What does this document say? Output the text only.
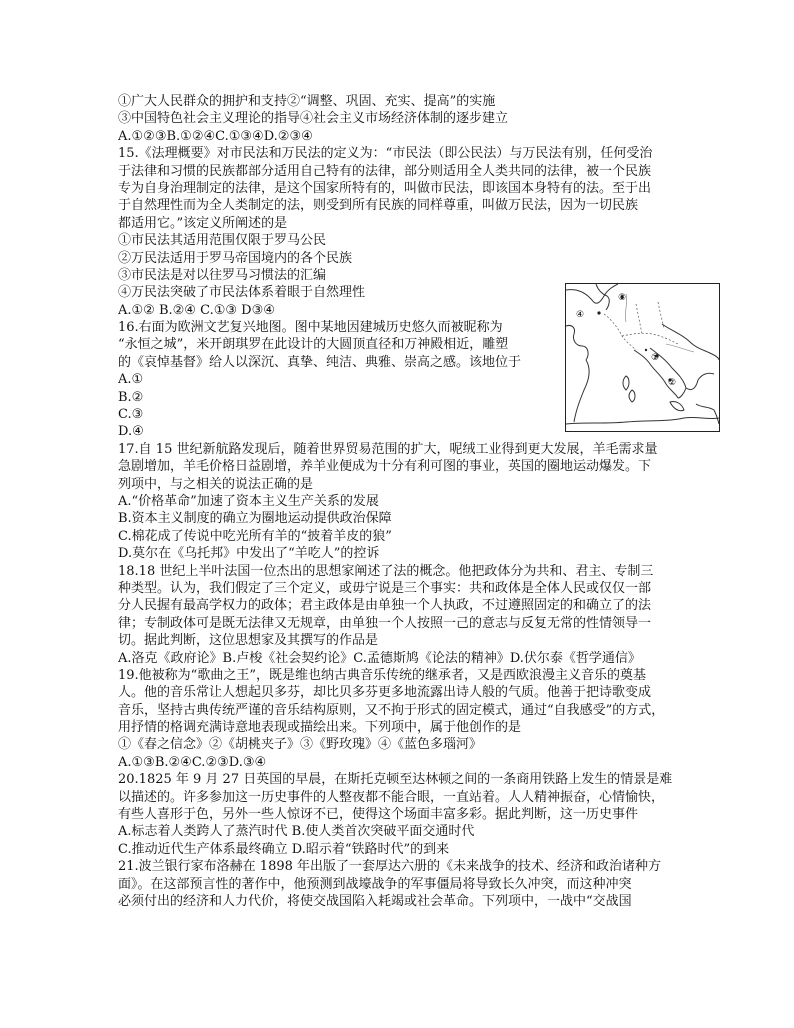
①广大人民群众的拥护和支持②“调整、巩固、充实、提高”的实施
③中国特色社会主义理论的指导④社会主义市场经济体制的逐步建立
A.①②③B.①②④C.①③④D.②③④
15.《法理概要》对市民法和万民法的定义为：“市民法（即公民法）与万民法有别，任何受治
于法律和习惯的民族都部分适用自己特有的法律，部分则适用全人类共同的法律，被一个民族
专为自身治理制定的法律，是这个国家所特有的，叫做市民法，即该国本身特有的法。至于出
于自然理性而为全人类制定的法，则受到所有民族的同样尊重，叫做万民法，因为一切民族
都适用它。”该定义所阐述的是
①市民法其适用范围仅限于罗马公民
②万民法适用于罗马帝国境内的各个民族
③市民法是对以往罗马习惯法的汇编
④万民法突破了市民法体系着眼于自然理性
A.①② B.②④ C.①③ D③④
16.右面为欧洲文艺复兴地图。图中某地因建城历史悠久而被昵称为
“永恒之城”，米开朗琪罗在此设计的大圆顶直径和万神殿相近，雕塑
的《哀悼基督》给人以深沉、真挚、纯洁、典雅、崇高之感。该地位于
A.①
B.②
C.③
D.④
17.自 15 世纪新航路发现后，随着世界贸易范围的扩大，呢绒工业得到更大发展，羊毛需求量
急剧增加，羊毛价格日益剧增，养羊业便成为十分有利可图的事业，英国的圈地运动爆发。下
列项中，与之相关的说法正确的是
A.“价格革命”加速了资本主义生产关系的发展
B.资本主义制度的确立为圈地运动提供政治保障
C.棉花成了传说中吃光所有羊的“披着羊皮的狼”
D.莫尔在《乌托邦》中发出了“羊吃人”的控诉
18.18 世纪上半叶法国一位杰出的思想家阐述了法的概念。他把政体分为共和、君主、专制三
种类型。认为，我们假定了三个定义，或毋宁说是三个事实：共和政体是全体人民或仅仅一部
分人民握有最高学权力的政体；君主政体是由单独一个人执政，不过遵照固定的和确立了的法
律；专制政体可是既无法律又无规章，由单独一个人按照一己的意志与反复无常的性情领导一
切。据此判断，这位思想家及其撰写的作品是
A.洛克《政府论》B.卢梭《社会契约论》C.孟德斯鸠《论法的精神》D.伏尔泰《哲学通信》
19.他被称为“歌曲之王”，既是维也纳古典音乐传统的继承者，又是西欧浪漫主义音乐的奠基
人。他的音乐常让人想起贝多芬，却比贝多芬更多地流露出诗人般的气质。他善于把诗歌变成
音乐，坚持古典传统严谨的音乐结构原则，又不拘于形式的固定模式，通过“自我感受”的方式，
用抒情的格调充满诗意地表现或描绘出来。下列项中，属于他创作的是
①《春之信念》②《胡桃夹子》③《野玫瑰》④《蓝色多瑙河》
A.①③B.②④C.②③D.③④
20.1825 年 9 月 27 日英国的早晨，在斯托克顿至达林顿之间的一条商用铁路上发生的情景是难
以描述的。许多参加这一历史事件的人整夜都不能合眼，一直站着。人人精神振奋，心情愉快，
有些人喜形于色，另外一些人惊讶不已，使得这个场面丰富多彩。据此判断，这一历史事件
A.标志着人类跨人了蒸汽时代 B.使人类首次突破平面交通时代
C.推动近代生产体系最终确立 D.昭示着“铁路时代”的到来
21.波兰银行家布洛赫在 1898 年出版了一套厚达六册的《未来战争的技术、经济和政治诸种方
面》。在这部预言性的著作中，他预测到战壕战争的军事僵局将导致长久冲突，而这种冲突
必须付出的经济和人力代价，将使交战国陷入耗竭或社会革命。下列项中，一战中“交战国
③
④
①
②
